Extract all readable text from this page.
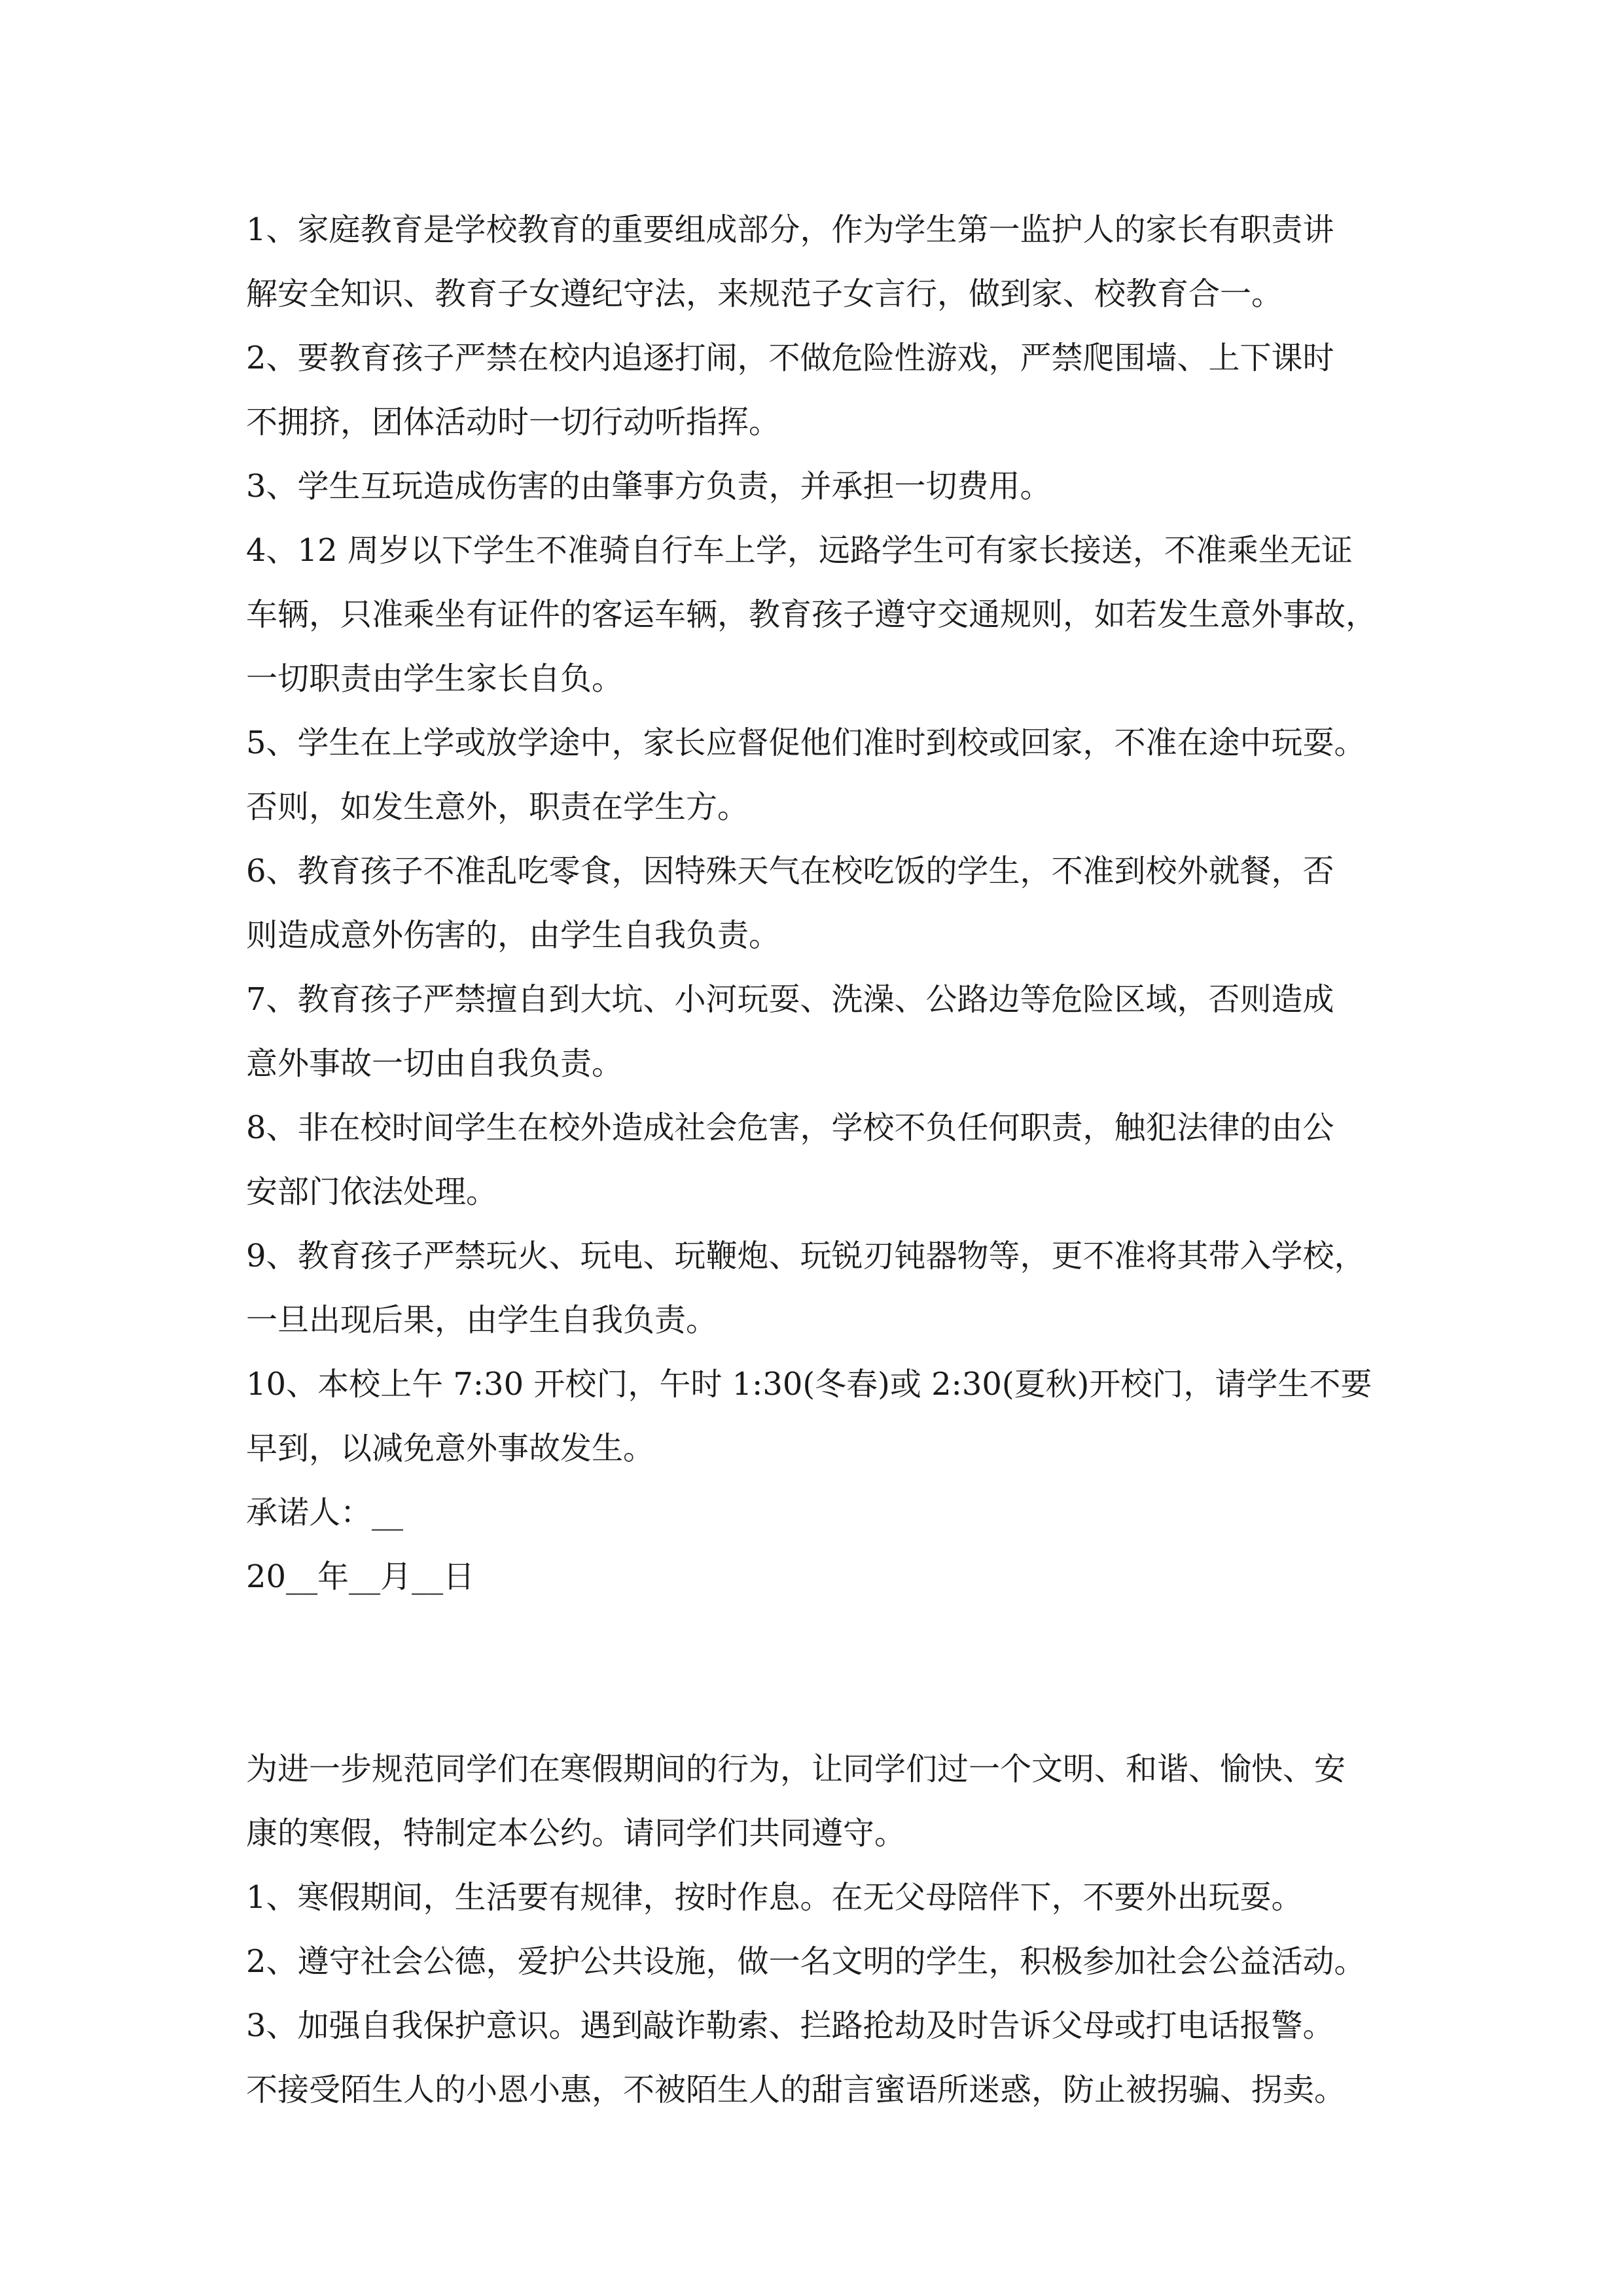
1、家庭教育是学校教育的重要组成部分，作为学生第一监护人的家长有职责讲
解安全知识、教育子女遵纪守法，来规范子女言行，做到家、校教育合一。
2、要教育孩子严禁在校内追逐打闹，不做危险性游戏，严禁爬围墙、上下课时
不拥挤，团体活动时一切行动听指挥。
3、学生互玩造成伤害的由肇事方负责，并承担一切费用。
4、12 周岁以下学生不准骑自行车上学，远路学生可有家长接送，不准乘坐无证
车辆，只准乘坐有证件的客运车辆，教育孩子遵守交通规则，如若发生意外事故，
一切职责由学生家长自负。
5、学生在上学或放学途中，家长应督促他们准时到校或回家，不准在途中玩耍。
否则，如发生意外，职责在学生方。
6、教育孩子不准乱吃零食，因特殊天气在校吃饭的学生，不准到校外就餐，否
则造成意外伤害的，由学生自我负责。
7、教育孩子严禁擅自到大坑、小河玩耍、洗澡、公路边等危险区域，否则造成
意外事故一切由自我负责。
8、非在校时间学生在校外造成社会危害，学校不负任何职责，触犯法律的由公
安部门依法处理。
9、教育孩子严禁玩火、玩电、玩鞭炮、玩锐刃钝器物等，更不准将其带入学校，
一旦出现后果，由学生自我负责。
10、本校上午 7:30 开校门，午时 1:30(冬春)或 2:30(夏秋)开校门，请学生不要
早到，以减免意外事故发生。
承诺人：__
20__年__月__日
为进一步规范同学们在寒假期间的行为，让同学们过一个文明、和谐、愉快、安
康的寒假，特制定本公约。请同学们共同遵守。
1、寒假期间，生活要有规律，按时作息。在无父母陪伴下，不要外出玩耍。
2、遵守社会公德，爱护公共设施，做一名文明的学生，积极参加社会公益活动。
3、加强自我保护意识。遇到敲诈勒索、拦路抢劫及时告诉父母或打电话报警。
不接受陌生人的小恩小惠，不被陌生人的甜言蜜语所迷惑，防止被拐骗、拐卖。
